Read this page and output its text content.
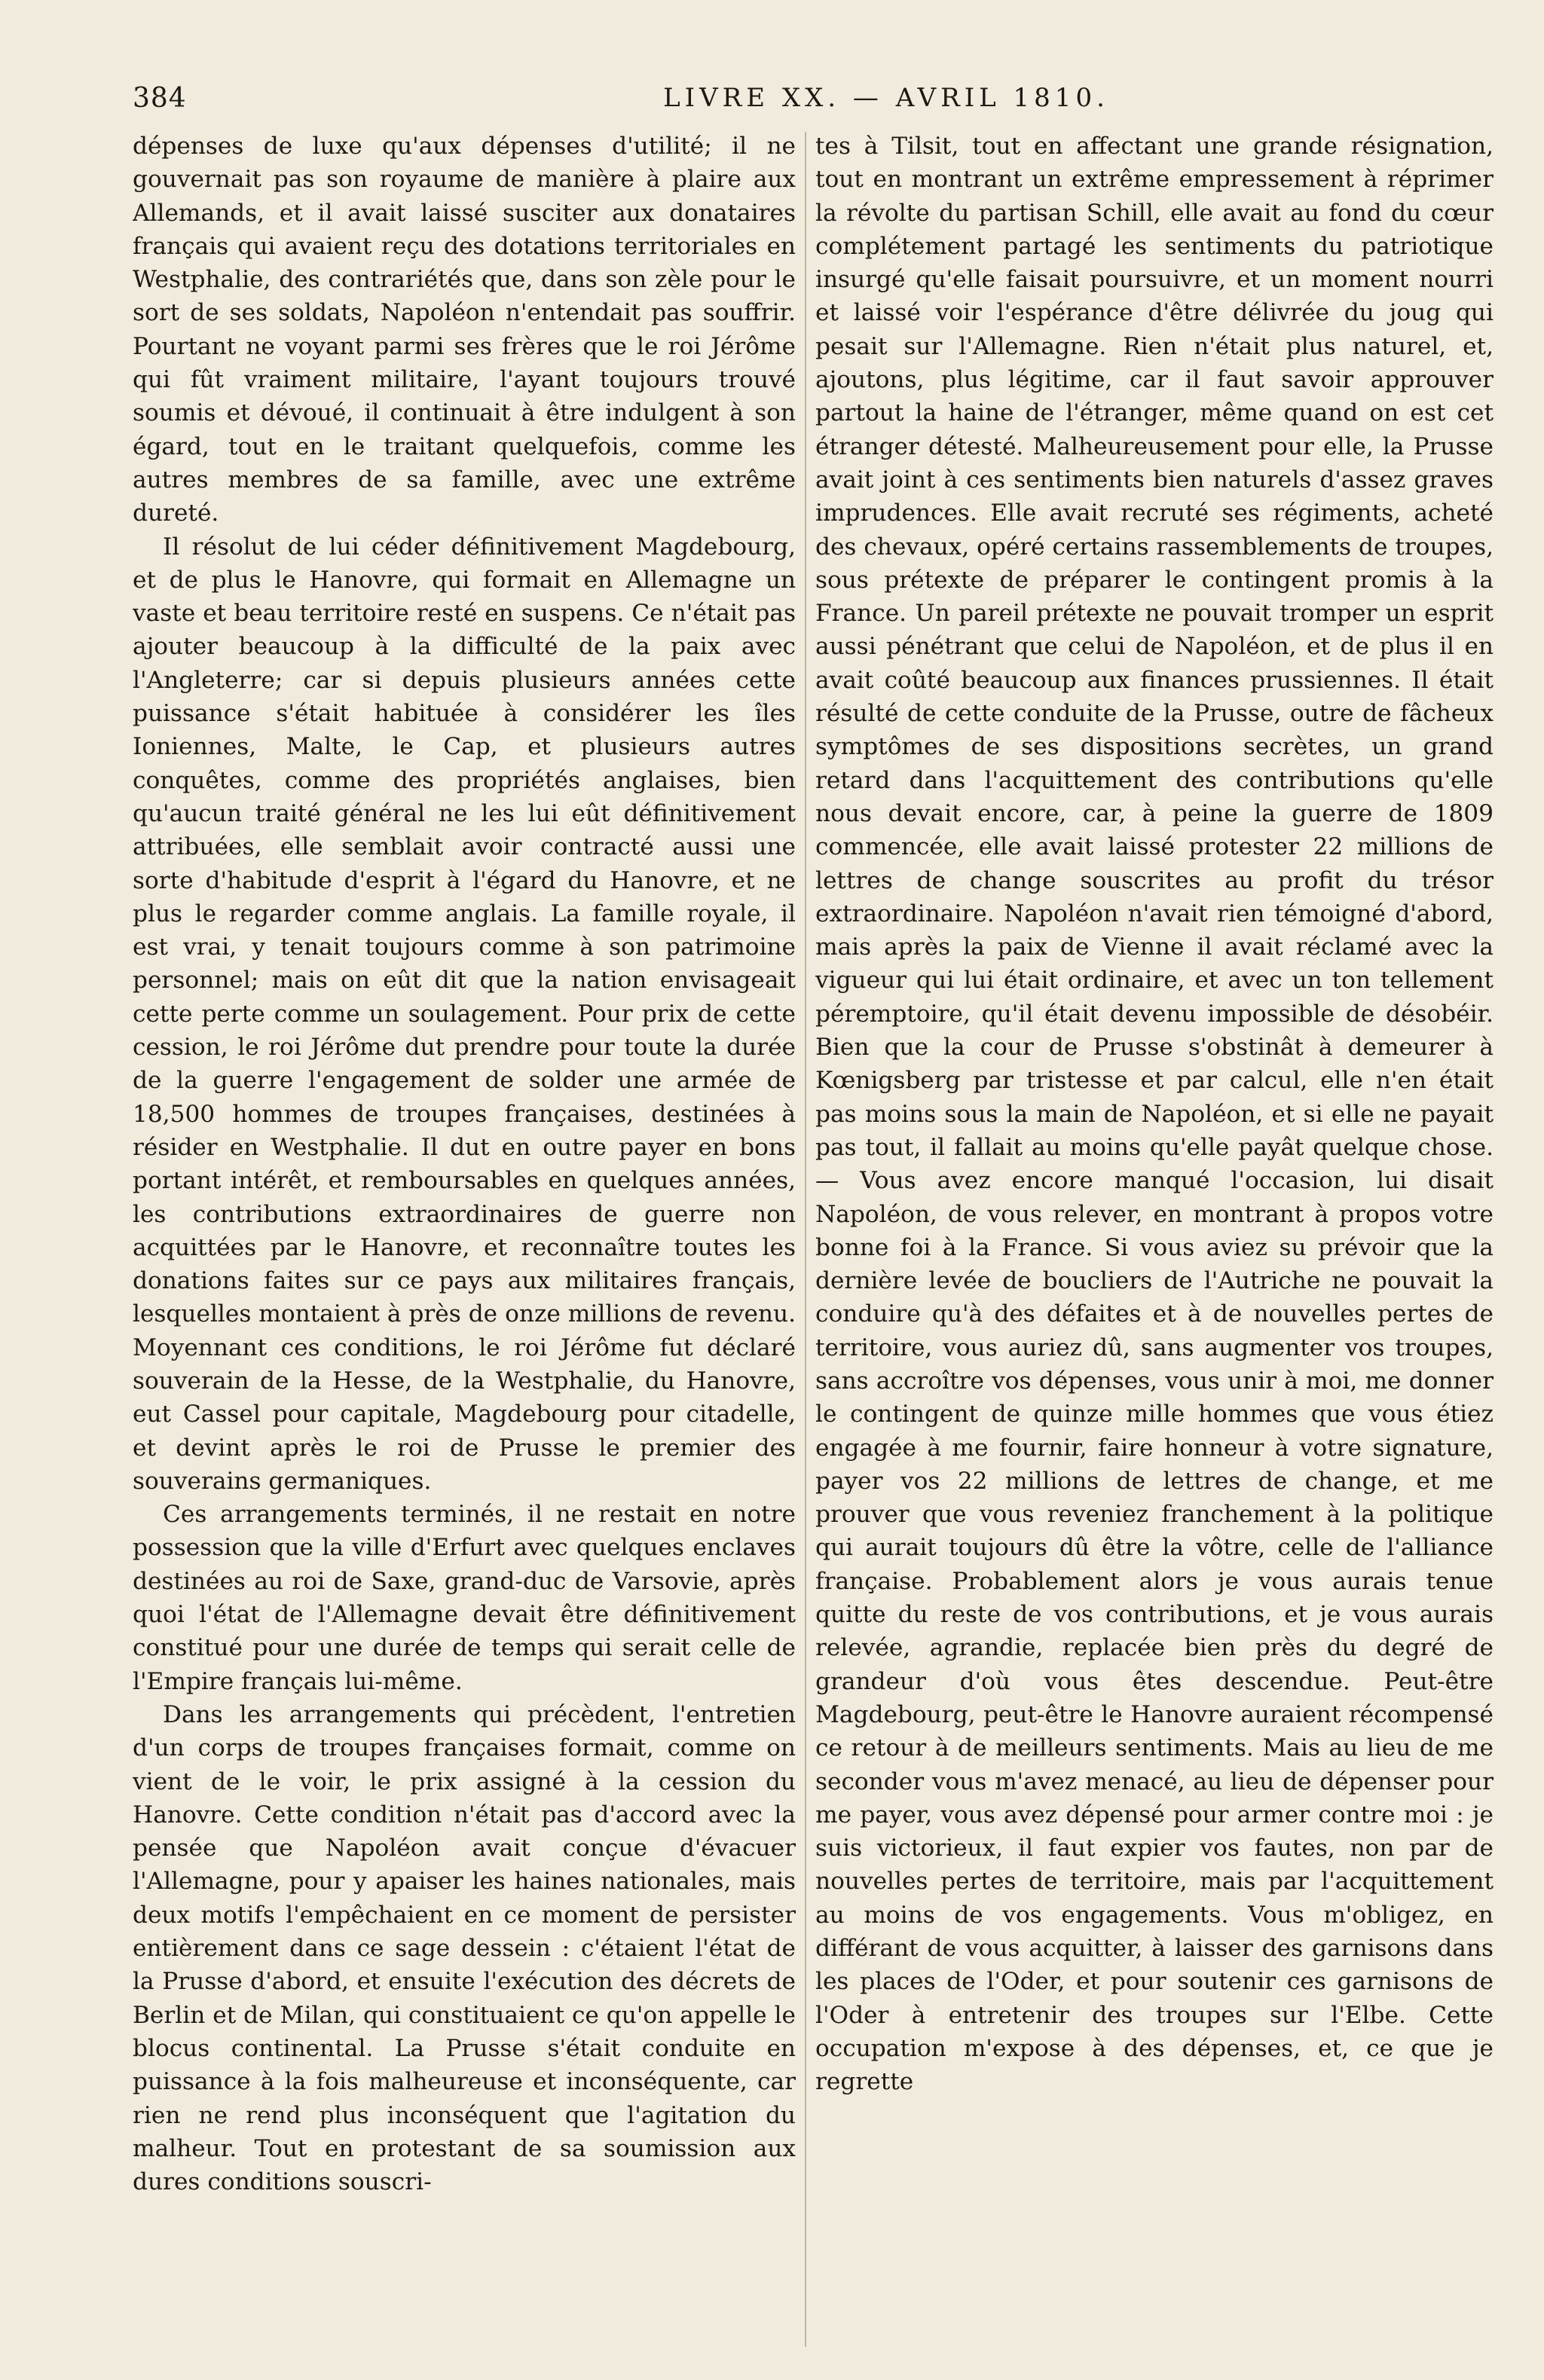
384	LIVRE XX. — AVRIL 1810.

dépenses de luxe qu'aux dépenses d'utilité; il ne gouvernait pas son royaume de manière à plaire aux Allemands, et il avait laissé susciter aux donataires français qui avaient reçu des dotations territoriales en Westphalie, des contrariétés que, dans son zèle pour le sort de ses soldats, Napoléon n'entendait pas souffrir. Pourtant ne voyant parmi ses frères que le roi Jérôme qui fût vraiment militaire, l'ayant toujours trouvé soumis et dévoué, il continuait à être indulgent à son égard, tout en le traitant quelquefois, comme les autres membres de sa famille, avec une extrême dureté.

Il résolut de lui céder définitivement Magdebourg, et de plus le Hanovre, qui formait en Allemagne un vaste et beau territoire resté en suspens. Ce n'était pas ajouter beaucoup à la difficulté de la paix avec l'Angleterre; car si depuis plusieurs années cette puissance s'était habituée à considérer les îles Ioniennes, Malte, le Cap, et plusieurs autres conquêtes, comme des propriétés anglaises, bien qu'aucun traité général ne les lui eût définitivement attribuées, elle semblait avoir contracté aussi une sorte d'habitude d'esprit à l'égard du Hanovre, et ne plus le regarder comme anglais. La famille royale, il est vrai, y tenait toujours comme à son patrimoine personnel; mais on eût dit que la nation envisageait cette perte comme un soulagement. Pour prix de cette cession, le roi Jérôme dut prendre pour toute la durée de la guerre l'engagement de solder une armée de 18,500 hommes de troupes françaises, destinées à résider en Westphalie. Il dut en outre payer en bons portant intérêt, et remboursables en quelques années, les contributions extraordinaires de guerre non acquittées par le Hanovre, et reconnaître toutes les donations faites sur ce pays aux militaires français, lesquelles montaient à près de onze millions de revenu. Moyennant ces conditions, le roi Jérôme fut déclaré souverain de la Hesse, de la Westphalie, du Hanovre, eut Cassel pour capitale, Magdebourg pour citadelle, et devint après le roi de Prusse le premier des souverains germaniques.

Ces arrangements terminés, il ne restait en notre possession que la ville d'Erfurt avec quelques enclaves destinées au roi de Saxe, grand-duc de Varsovie, après quoi l'état de l'Allemagne devait être définitivement constitué pour une durée de temps qui serait celle de l'Empire français lui-même.

Dans les arrangements qui précèdent, l'entretien d'un corps de troupes françaises formait, comme on vient de le voir, le prix assigné à la cession du Hanovre. Cette condition n'était pas d'accord avec la pensée que Napoléon avait conçue d'évacuer l'Allemagne, pour y apaiser les haines nationales, mais deux motifs l'empêchaient en ce moment de persister entièrement dans ce sage dessein : c'étaient l'état de la Prusse d'abord, et ensuite l'exécution des décrets de Berlin et de Milan, qui constituaient ce qu'on appelle le blocus continental. La Prusse s'était conduite en puissance à la fois malheureuse et inconséquente, car rien ne rend plus inconséquent que l'agitation du malheur. Tout en protestant de sa soumission aux dures conditions souscri-

tes à Tilsit, tout en affectant une grande résignation, tout en montrant un extrême empressement à réprimer la révolte du partisan Schill, elle avait au fond du cœur complétement partagé les sentiments du patriotique insurgé qu'elle faisait poursuivre, et un moment nourri et laissé voir l'espérance d'être délivrée du joug qui pesait sur l'Allemagne. Rien n'était plus naturel, et, ajoutons, plus légitime, car il faut savoir approuver partout la haine de l'étranger, même quand on est cet étranger détesté. Malheureusement pour elle, la Prusse avait joint à ces sentiments bien naturels d'assez graves imprudences. Elle avait recruté ses régiments, acheté des chevaux, opéré certains rassemblements de troupes, sous prétexte de préparer le contingent promis à la France. Un pareil prétexte ne pouvait tromper un esprit aussi pénétrant que celui de Napoléon, et de plus il en avait coûté beaucoup aux finances prussiennes. Il était résulté de cette conduite de la Prusse, outre de fâcheux symptômes de ses dispositions secrètes, un grand retard dans l'acquittement des contributions qu'elle nous devait encore, car, à peine la guerre de 1809 commencée, elle avait laissé protester 22 millions de lettres de change souscrites au profit du trésor extraordinaire. Napoléon n'avait rien témoigné d'abord, mais après la paix de Vienne il avait réclamé avec la vigueur qui lui était ordinaire, et avec un ton tellement péremptoire, qu'il était devenu impossible de désobéir. Bien que la cour de Prusse s'obstinât à demeurer à Kœnigsberg par tristesse et par calcul, elle n'en était pas moins sous la main de Napoléon, et si elle ne payait pas tout, il fallait au moins qu'elle payât quelque chose. — Vous avez encore manqué l'occasion, lui disait Napoléon, de vous relever, en montrant à propos votre bonne foi à la France. Si vous aviez su prévoir que la dernière levée de boucliers de l'Autriche ne pouvait la conduire qu'à des défaites et à de nouvelles pertes de territoire, vous auriez dû, sans augmenter vos troupes, sans accroître vos dépenses, vous unir à moi, me donner le contingent de quinze mille hommes que vous étiez engagée à me fournir, faire honneur à votre signature, payer vos 22 millions de lettres de change, et me prouver que vous reveniez franchement à la politique qui aurait toujours dû être la vôtre, celle de l'alliance française. Probablement alors je vous aurais tenue quitte du reste de vos contributions, et je vous aurais relevée, agrandie, replacée bien près du degré de grandeur d'où vous êtes descendue. Peut-être Magdebourg, peut-être le Hanovre auraient récompensé ce retour à de meilleurs sentiments. Mais au lieu de me seconder vous m'avez menacé, au lieu de dépenser pour me payer, vous avez dépensé pour armer contre moi : je suis victorieux, il faut expier vos fautes, non par de nouvelles pertes de territoire, mais par l'acquittement au moins de vos engagements. Vous m'obligez, en différant de vous acquitter, à laisser des garnisons dans les places de l'Oder, et pour soutenir ces garnisons de l'Oder à entretenir des troupes sur l'Elbe. Cette occupation m'expose à des dépenses, et, ce que je regrette
